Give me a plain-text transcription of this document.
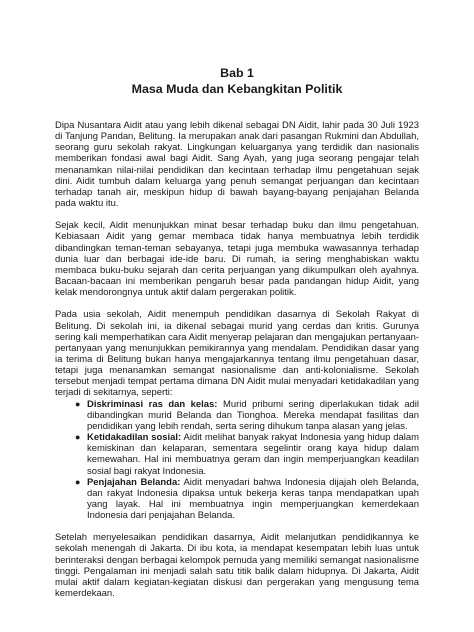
Bab 1

Masa Muda dan Kebangkitan Politik

Dipa Nusantara Aidit atau yang lebih dikenal sebagai DN Aidit, lahir pada 30 Juli 1923 di Tanjung Pandan, Belitung. Ia merupakan anak dari pasangan Rukmini dan Abdullah, seorang guru sekolah rakyat. Lingkungan keluarganya yang terdidik dan nasionalis memberikan fondasi awal bagi Aidit. Sang Ayah, yang juga seorang pengajar telah menanamkan nilai-nilai pendidikan dan kecintaan terhadap ilmu pengetahuan sejak dini. Aidit tumbuh dalam keluarga yang penuh semangat perjuangan dan kecintaan terhadap tanah air, meskipun hidup di bawah bayang-bayang penjajahan Belanda pada waktu itu.

Sejak kecil, Aidit menunjukkan minat besar terhadap buku dan ilmu pengetahuan. Kebiasaan Aidit yang gemar membaca tidak hanya membuatnya lebih terdidik dibandingkan teman-teman sebayanya, tetapi juga membuka wawasannya terhadap dunia luar dan berbagai ide-ide baru. Di rumah, ia sering menghabiskan waktu membaca buku-buku sejarah dan cerita perjuangan yang dikumpulkan oleh ayahnya. Bacaan-bacaan ini memberikan pengaruh besar pada pandangan hidup Aidit, yang kelak mendorongnya untuk aktif dalam pergerakan politik.

Pada usia sekolah, Aidit menempuh pendidikan dasarnya di Sekolah Rakyat di Belitung. Di sekolah ini, ia dikenal sebagai murid yang cerdas dan kritis. Gurunya sering kali memperhatikan cara Aidit menyerap pelajaran dan mengajukan pertanyaan-pertanyaan yang menunjukkan pemikirannya yang mendalam. Pendidikan dasar yang ia terima di Belitung bukan hanya mengajarkannya tentang ilmu pengetahuan dasar, tetapi juga menanamkan semangat nasionalisme dan anti-kolonialisme. Sekolah tersebut menjadi tempat pertama dimana DN Aidit mulai menyadari ketidakadilan yang terjadi di sekitarnya, seperti:

● Diskriminasi ras dan kelas: Murid pribumi sering diperlakukan tidak adil dibandingkan murid Belanda dan Tionghoa. Mereka mendapat fasilitas dan pendidikan yang lebih rendah, serta sering dihukum tanpa alasan yang jelas.
● Ketidakadilan sosial: Aidit melihat banyak rakyat Indonesia yang hidup dalam kemiskinan dan kelaparan, sementara segelintir orang kaya hidup dalam kemewahan. Hal ini membuatnya geram dan ingin memperjuangkan keadilan sosial bagi rakyat Indonesia.
● Penjajahan Belanda: Aidit menyadari bahwa Indonesia dijajah oleh Belanda, dan rakyat Indonesia dipaksa untuk bekerja keras tanpa mendapatkan upah yang layak. Hal ini membuatnya ingin memperjuangkan kemerdekaan Indonesia dari penjajahan Belanda.

Setelah menyelesaikan pendidikan dasarnya, Aidit melanjutkan pendidikannya ke sekolah menengah di Jakarta. Di ibu kota, ia mendapat kesempatan lebih luas untuk berinteraksi dengan berbagai kelompok pemuda yang memiliki semangat nasionalisme tinggi. Pengalaman ini menjadi salah satu titik balik dalam hidupnya. Di Jakarta, Aidit mulai aktif dalam kegiatan-kegiatan diskusi dan pergerakan yang mengusung tema kemerdekaan.
